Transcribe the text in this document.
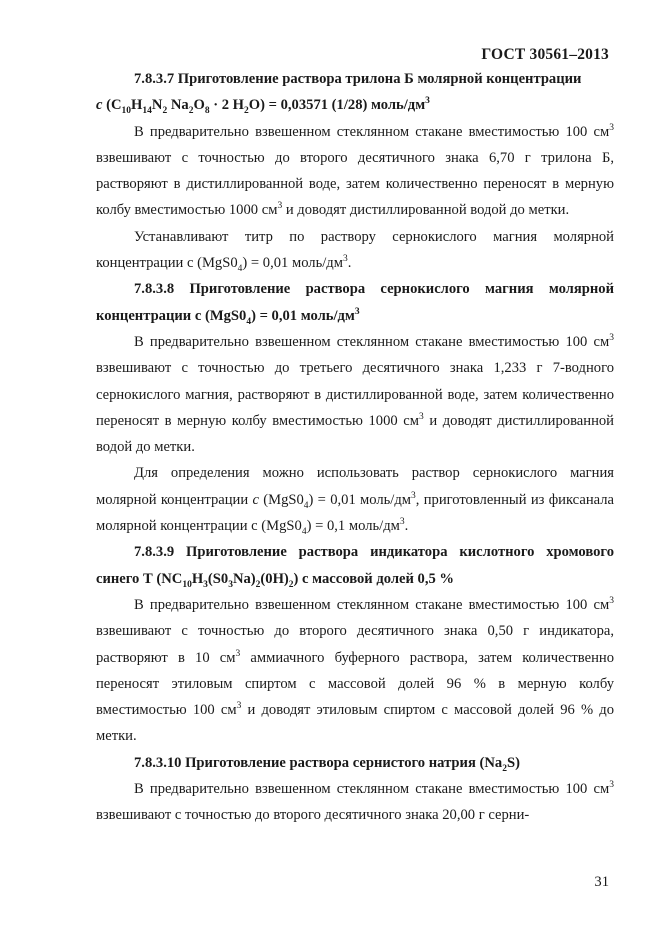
ГОСТ 30561–2013

7.8.3.7 Приготовление раствора трилона Б молярной концентрации
c ($C_{10}H_{14}N_2$ $Na_2O_8 \cdot 2$ $H_2O) = 0,03571$ (1/28) моль/$дм^3$

В предварительно взвешенном стеклянном стакане вместимостью 100 $см^3$ взвешивают с точностью до второго десятичного знака 6,70 г трилона Б, растворяют в дистиллированной воде, затем количественно переносят в мерную колбу вместимостью 1000 $см^3$ и доводят дистиллированной водой до метки.

Устанавливают титр по раствору сернокислого магния молярной концентрации с $(MgS0_4) = 0,01$ моль/$дм^3$.

7.8.3.8 Приготовление раствора сернокислого магния молярной концентрации с $(MgS0_4) = 0,01$ моль/$дм^3$

В предварительно взвешенном стеклянном стакане вместимостью 100 $см^3$ взвешивают с точностью до третьего десятичного знака 1,233 г 7-водного сернокислого магния, растворяют в дистиллированной воде, затем количественно переносят в мерную колбу вместимостью 1000 $см^3$ и доводят дистиллированной водой до метки.

Для определения можно использовать раствор сернокислого магния молярной концентрации c $(MgS0_4) = 0,01$ моль/$дм^3$, приготовленный из фиксанала молярной концентрации с $(MgS0_4) = 0,1$ моль/$дм^3$.

7.8.3.9 Приготовление раствора индикатора кислотного хромового синего Т $(NC_{10}H_3(S0_3Na)_2(0H)_2)$ с массовой долей 0,5 %

В предварительно взвешенном стеклянном стакане вместимостью 100 $см^3$ взвешивают с точностью до второго десятичного знака 0,50 г индикатора, растворяют в 10 $см^3$ аммиачного буферного раствора, затем количественно переносят этиловым спиртом с массовой долей 96 % в мерную колбу вместимостью 100 $см^3$ и доводят этиловым спиртом с массовой долей 96 % до метки.

7.8.3.10 Приготовление раствора сернистого натрия $(Na_2S)$

В предварительно взвешенном стеклянном стакане вместимостью 100 $см^3$ взвешивают с точностью до второго десятичного знака 20,00 г серни-

31
